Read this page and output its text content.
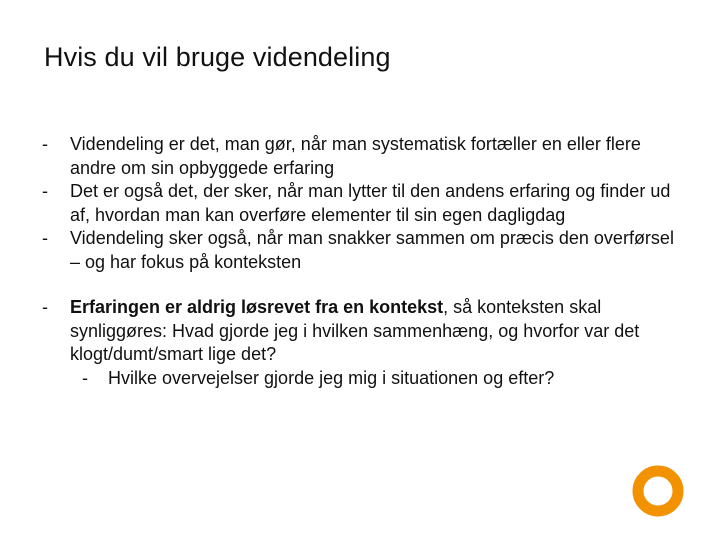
Hvis du vil bruge videndeling
- Videndeling er det, man gør, når man systematisk fortæller en eller flere andre om sin opbyggede erfaring
- Det er også det, der sker, når man lytter til den andens erfaring og finder ud af, hvordan man kan overføre elementer til sin egen dagligdag
- Videndeling sker også, når man snakker sammen om præcis den overførsel – og har fokus på konteksten
- Erfaringen er aldrig løsrevet fra en kontekst, så konteksten skal synliggøres: Hvad gjorde jeg i hvilken sammenhæng, og hvorfor var det klogt/dumt/smart lige det?
- Hvilke overvejelser gjorde jeg mig i situationen og efter?
